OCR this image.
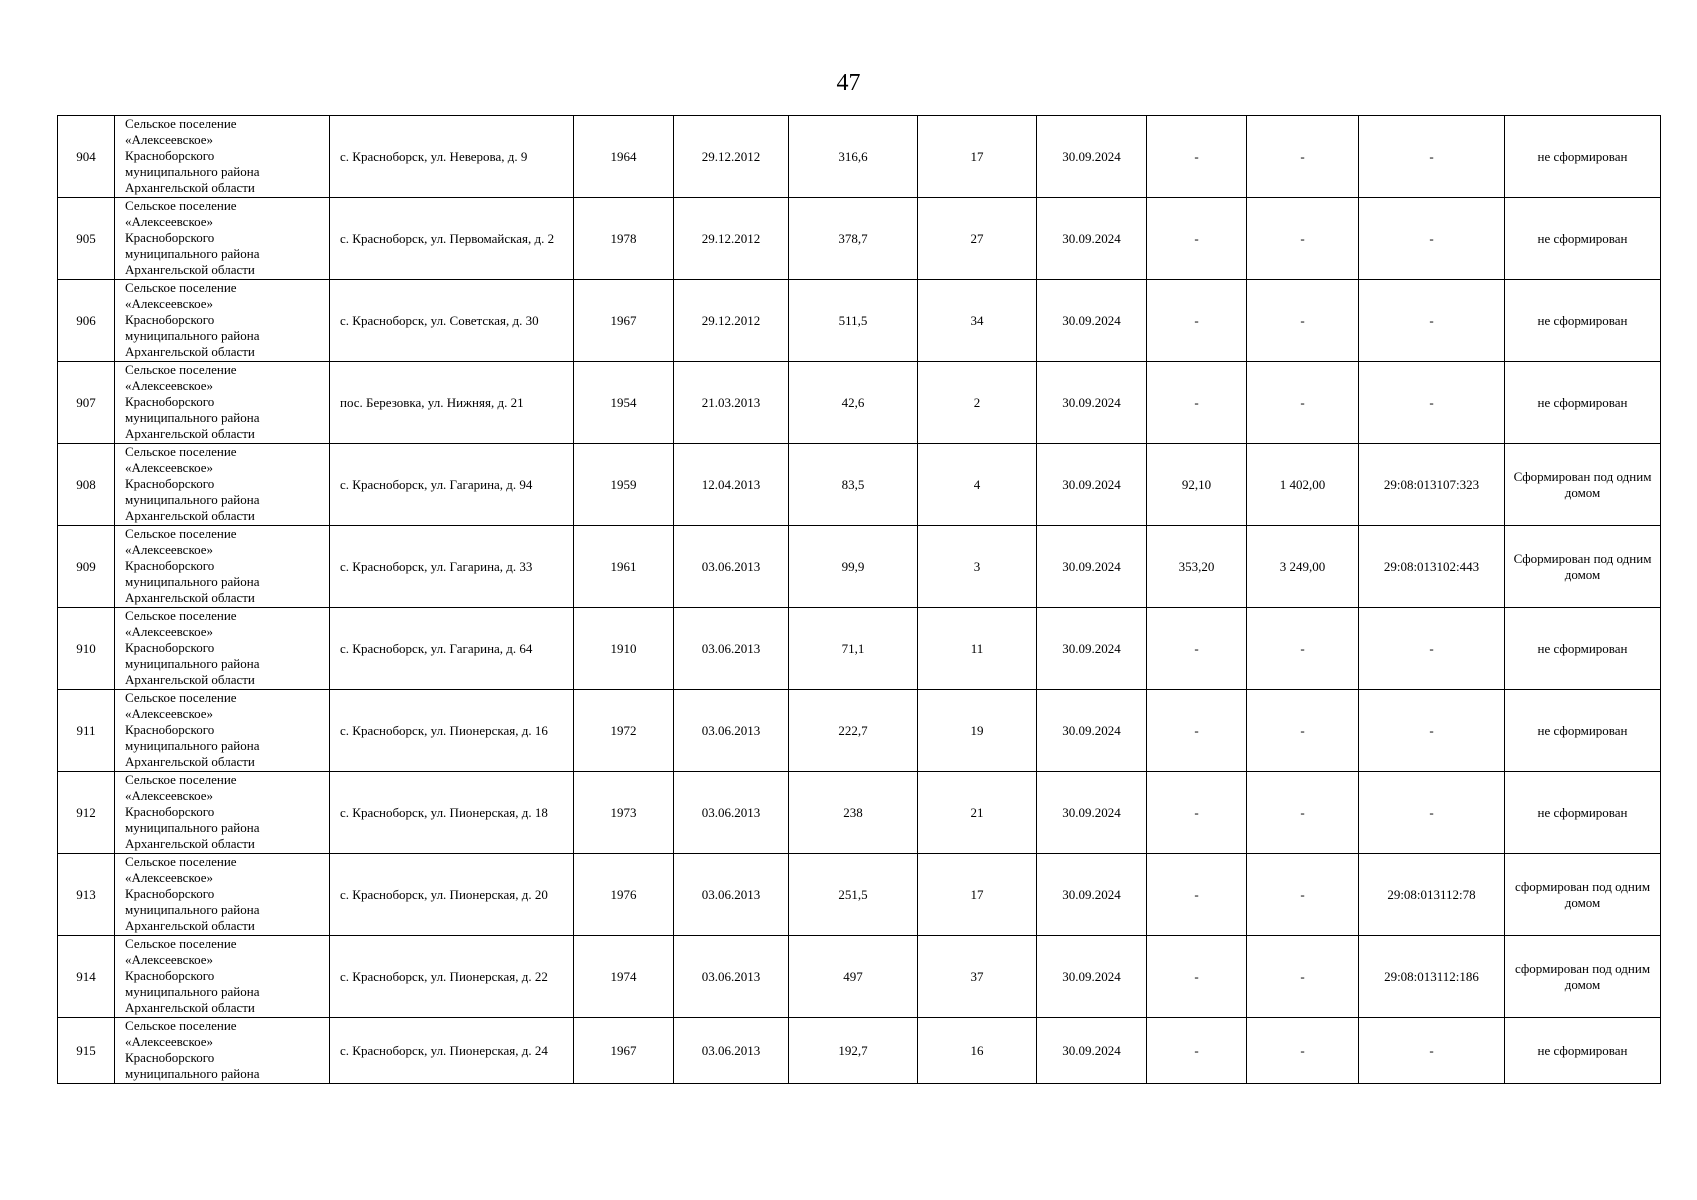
47
904	Сельское поселение
«Алексеевское»
Красноборского
муниципального района
Архангельской области	с. Красноборск, ул. Неверова, д. 9	1964	29.12.2012	316,6	17	30.09.2024	-	-	-	не сформирован

905	Сельское поселение
«Алексеевское»
Красноборского
муниципального района
Архангельской области	с. Красноборск, ул. Первомайская, д. 2	1978	29.12.2012	378,7	27	30.09.2024	-	-	-	не сформирован

906	Сельское поселение
«Алексеевское»
Красноборского
муниципального района
Архангельской области	с. Красноборск, ул. Советская, д. 30	1967	29.12.2012	511,5	34	30.09.2024	-	-	-	не сформирован

907	Сельское поселение
«Алексеевское»
Красноборского
муниципального района
Архангельской области	пос. Березовка, ул. Нижняя, д. 21	1954	21.03.2013	42,6	2	30.09.2024	-	-	-	не сформирован

908	Сельское поселение
«Алексеевское»
Красноборского
муниципального района
Архангельской области	с. Красноборск, ул. Гагарина, д. 94	1959	12.04.2013	83,5	4	30.09.2024	92,10	1 402,00	29:08:013107:323	Сформирован под одним домом

909	Сельское поселение
«Алексеевское»
Красноборского
муниципального района
Архангельской области	с. Красноборск, ул. Гагарина, д. 33	1961	03.06.2013	99,9	3	30.09.2024	353,20	3 249,00	29:08:013102:443	Сформирован под одним домом

910	Сельское поселение
«Алексеевское»
Красноборского
муниципального района
Архангельской области	с. Красноборск, ул. Гагарина, д. 64	1910	03.06.2013	71,1	11	30.09.2024	-	-	-	не сформирован

911	Сельское поселение
«Алексеевское»
Красноборского
муниципального района
Архангельской области	с. Красноборск, ул. Пионерская, д. 16	1972	03.06.2013	222,7	19	30.09.2024	-	-	-	не сформирован

912	Сельское поселение
«Алексеевское»
Красноборского
муниципального района
Архангельской области	с. Красноборск, ул. Пионерская, д. 18	1973	03.06.2013	238	21	30.09.2024	-	-	-	не сформирован

913	Сельское поселение
«Алексеевское»
Красноборского
муниципального района
Архангельской области	с. Красноборск, ул. Пионерская, д. 20	1976	03.06.2013	251,5	17	30.09.2024	-	-	29:08:013112:78	сформирован под одним домом

914	Сельское поселение
«Алексеевское»
Красноборского
муниципального района
Архангельской области	с. Красноборск, ул. Пионерская, д. 22	1974	03.06.2013	497	37	30.09.2024	-	-	29:08:013112:186	сформирован под одним домом

915	Сельское поселение
«Алексеевское»
Красноборского
муниципального района	с. Красноборск, ул. Пионерская, д. 24	1967	03.06.2013	192,7	16	30.09.2024	-	-	-	не сформирован
